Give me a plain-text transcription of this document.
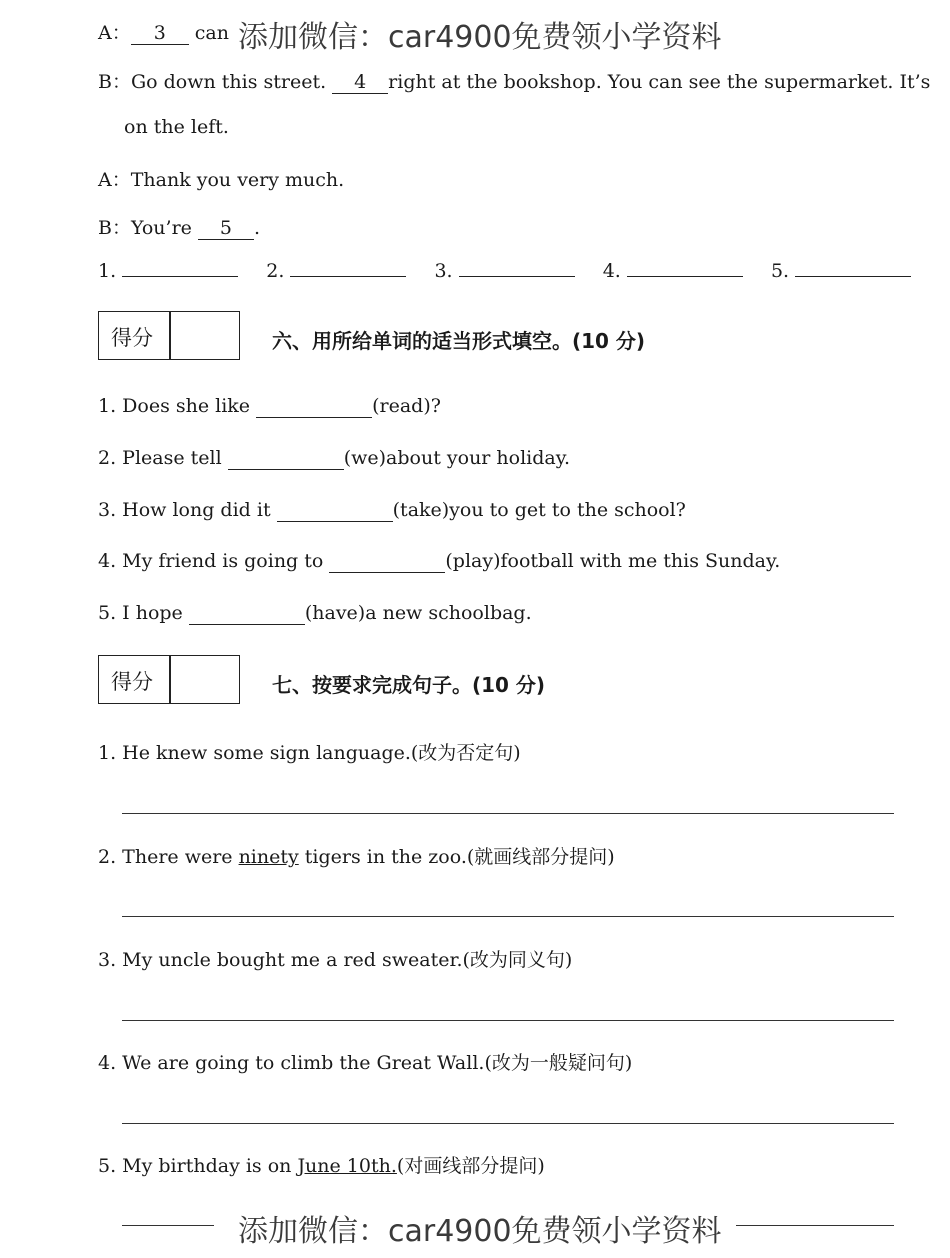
A： 3 can 添加微信：car4900免费领小学资料
B：Go down this street. 4 right at the bookshop. You can see the supermarket. It’s
on the left.
A：Thank you very much.
B：You’re 5 .
1.	2.	3.	4.	5.
得分	六、用所给单词的适当形式填空。(10 分)
1. Does she like	(read)?
2. Please tell	(we)about your holiday.
3. How long did it	(take)you to get to the school?
4. My friend is going to	(play)football with me this Sunday.
5. I hope	(have)a new schoolbag.
得分	七、按要求完成句子。(10 分)
1. He knew some sign language.(改为否定句)
2. There were ninety tigers in the zoo.(就画线部分提问)
3. My uncle bought me a red sweater.(改为同义句)
4. We are going to climb the Great Wall.(改为一般疑问句)
5. My birthday is on June 10th.(对画线部分提问)
添加微信：car4900免费领小学资料
